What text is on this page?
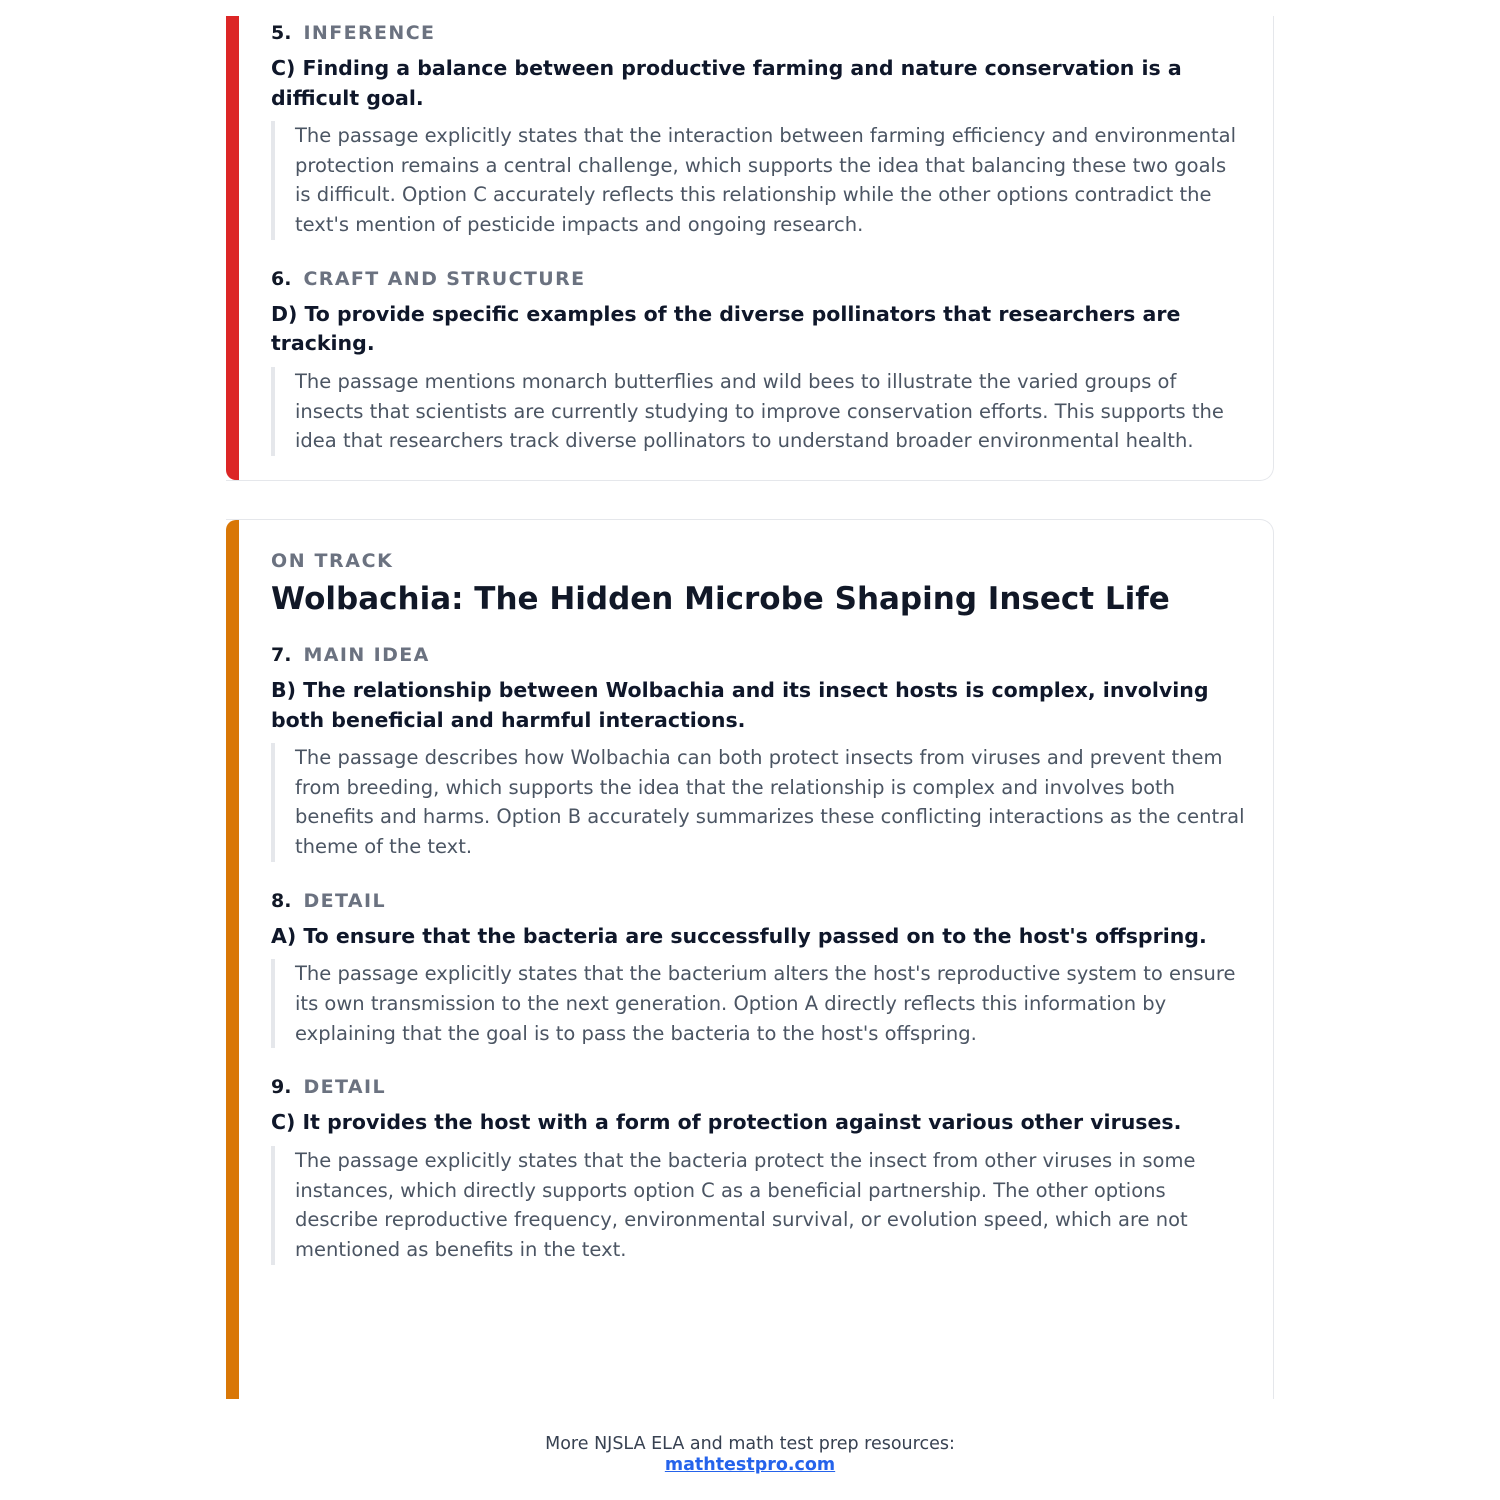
5. INFERENCE
C) Finding a balance between productive farming and nature conservation is a difficult goal.
The passage explicitly states that the interaction between farming efficiency and environmental protection remains a central challenge, which supports the idea that balancing these two goals is difficult. Option C accurately reflects this relationship while the other options contradict the text's mention of pesticide impacts and ongoing research.
6. CRAFT AND STRUCTURE
D) To provide specific examples of the diverse pollinators that researchers are tracking.
The passage mentions monarch butterflies and wild bees to illustrate the varied groups of insects that scientists are currently studying to improve conservation efforts. This supports the idea that researchers track diverse pollinators to understand broader environmental health.
ON TRACK
Wolbachia: The Hidden Microbe Shaping Insect Life
7. MAIN IDEA
B) The relationship between Wolbachia and its insect hosts is complex, involving both beneficial and harmful interactions.
The passage describes how Wolbachia can both protect insects from viruses and prevent them from breeding, which supports the idea that the relationship is complex and involves both benefits and harms. Option B accurately summarizes these conflicting interactions as the central theme of the text.
8. DETAIL
A) To ensure that the bacteria are successfully passed on to the host's offspring.
The passage explicitly states that the bacterium alters the host's reproductive system to ensure its own transmission to the next generation. Option A directly reflects this information by explaining that the goal is to pass the bacteria to the host's offspring.
9. DETAIL
C) It provides the host with a form of protection against various other viruses.
The passage explicitly states that the bacteria protect the insect from other viruses in some instances, which directly supports option C as a beneficial partnership. The other options describe reproductive frequency, environmental survival, or evolution speed, which are not mentioned as benefits in the text.
More NJSLA ELA and math test prep resources:
mathtestpro.com
